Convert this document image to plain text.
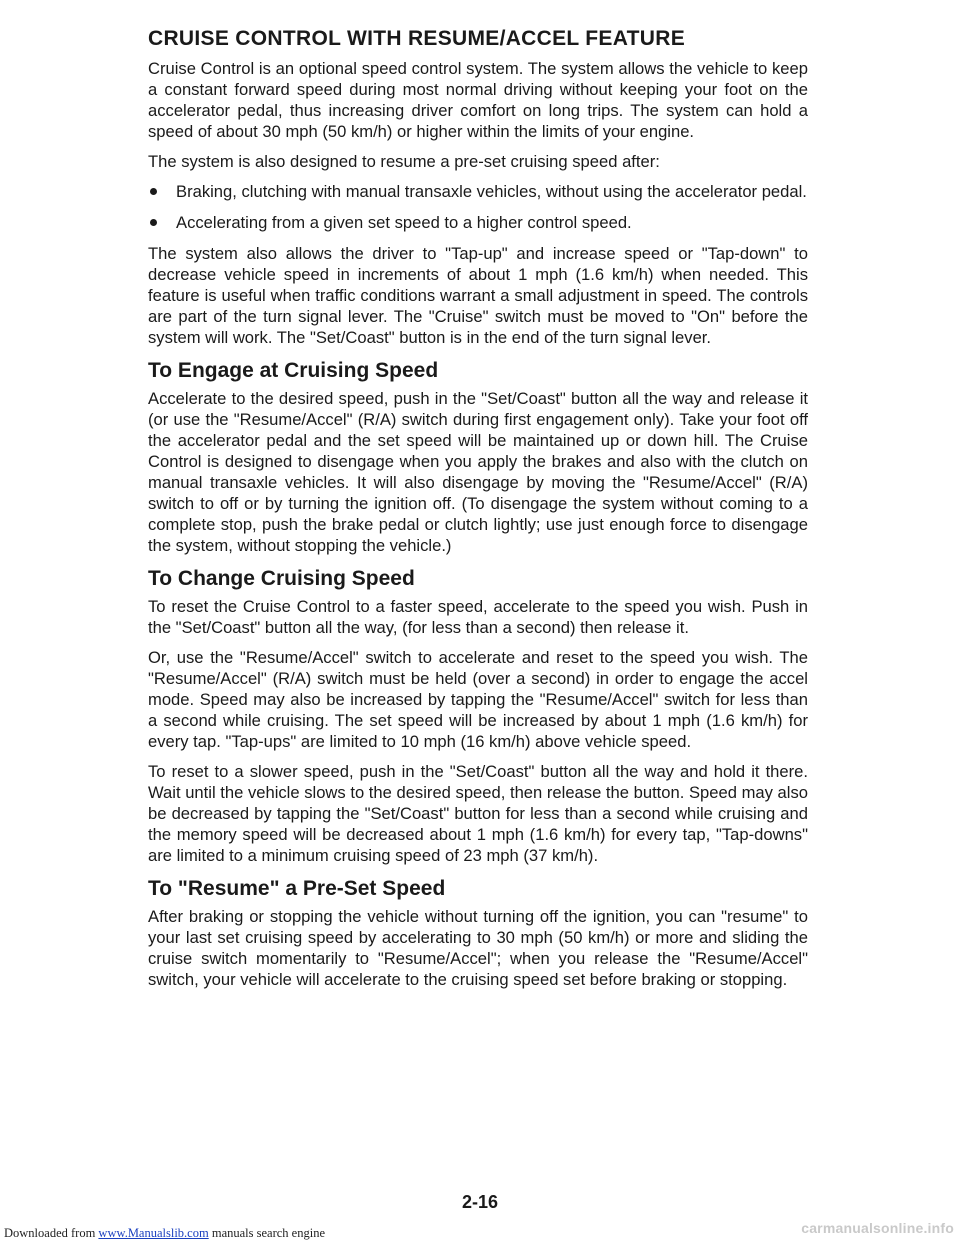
CRUISE CONTROL WITH RESUME/ACCEL FEATURE

Cruise Control is an optional speed control system. The system allows the vehicle to keep a constant forward speed during most normal driving without keeping your foot on the accelerator pedal, thus increasing driver comfort on long trips. The system can hold a speed of about 30 mph (50 km/h) or higher within the limits of your engine.

The system is also designed to resume a pre-set cruising speed after:

Braking, clutching with manual transaxle vehicles, without using the accelerator pedal.
Accelerating from a given set speed to a higher control speed.

The system also allows the driver to "Tap-up" and increase speed or "Tap-down" to decrease vehicle speed in increments of about 1 mph (1.6 km/h) when needed. This feature is useful when traffic conditions warrant a small adjustment in speed. The controls are part of the turn signal lever. The "Cruise" switch must be moved to "On" before the system will work. The "Set/Coast" button is in the end of the turn signal lever.

To Engage at Cruising Speed

Accelerate to the desired speed, push in the "Set/Coast" button all the way and release it (or use the "Resume/Accel" (R/A) switch during first engagement only). Take your foot off the accelerator pedal and the set speed will be maintained up or down hill. The Cruise Control is designed to disengage when you apply the brakes and also with the clutch on manual transaxle vehicles. It will also disengage by moving the "Resume/Accel" (R/A) switch to off or by turning the ignition off. (To disengage the system without coming to a complete stop, push the brake pedal or clutch lightly; use just enough force to disengage the system, without stopping the vehicle.)

To Change Cruising Speed

To reset the Cruise Control to a faster speed, accelerate to the speed you wish. Push in the "Set/Coast" button all the way, (for less than a second) then release it.

Or, use the "Resume/Accel" switch to accelerate and reset to the speed you wish. The "Resume/Accel" (R/A) switch must be held (over a second) in order to engage the accel mode. Speed may also be increased by tapping the "Resume/Accel" switch for less than a second while cruising. The set speed will be increased by about 1 mph (1.6 km/h) for every tap. "Tap-ups" are limited to 10 mph (16 km/h) above vehicle speed.

To reset to a slower speed, push in the "Set/Coast" button all the way and hold it there. Wait until the vehicle slows to the desired speed, then release the button. Speed may also be decreased by tapping the "Set/Coast" button for less than a second while cruising and the memory speed will be decreased about 1 mph (1.6 km/h) for every tap, "Tap-downs" are limited to a minimum cruising speed of 23 mph (37 km/h).

To "Resume" a Pre-Set Speed

After braking or stopping the vehicle without turning off the ignition, you can "resume" to your last set cruising speed by accelerating to 30 mph (50 km/h) or more and sliding the cruise switch momentarily to "Resume/Accel"; when you release the "Resume/Accel" switch, your vehicle will accelerate to the cruising speed set before braking or stopping.

2-16
Downloaded from www.Manualslib.com manuals search engine	carmanualsonline.info
